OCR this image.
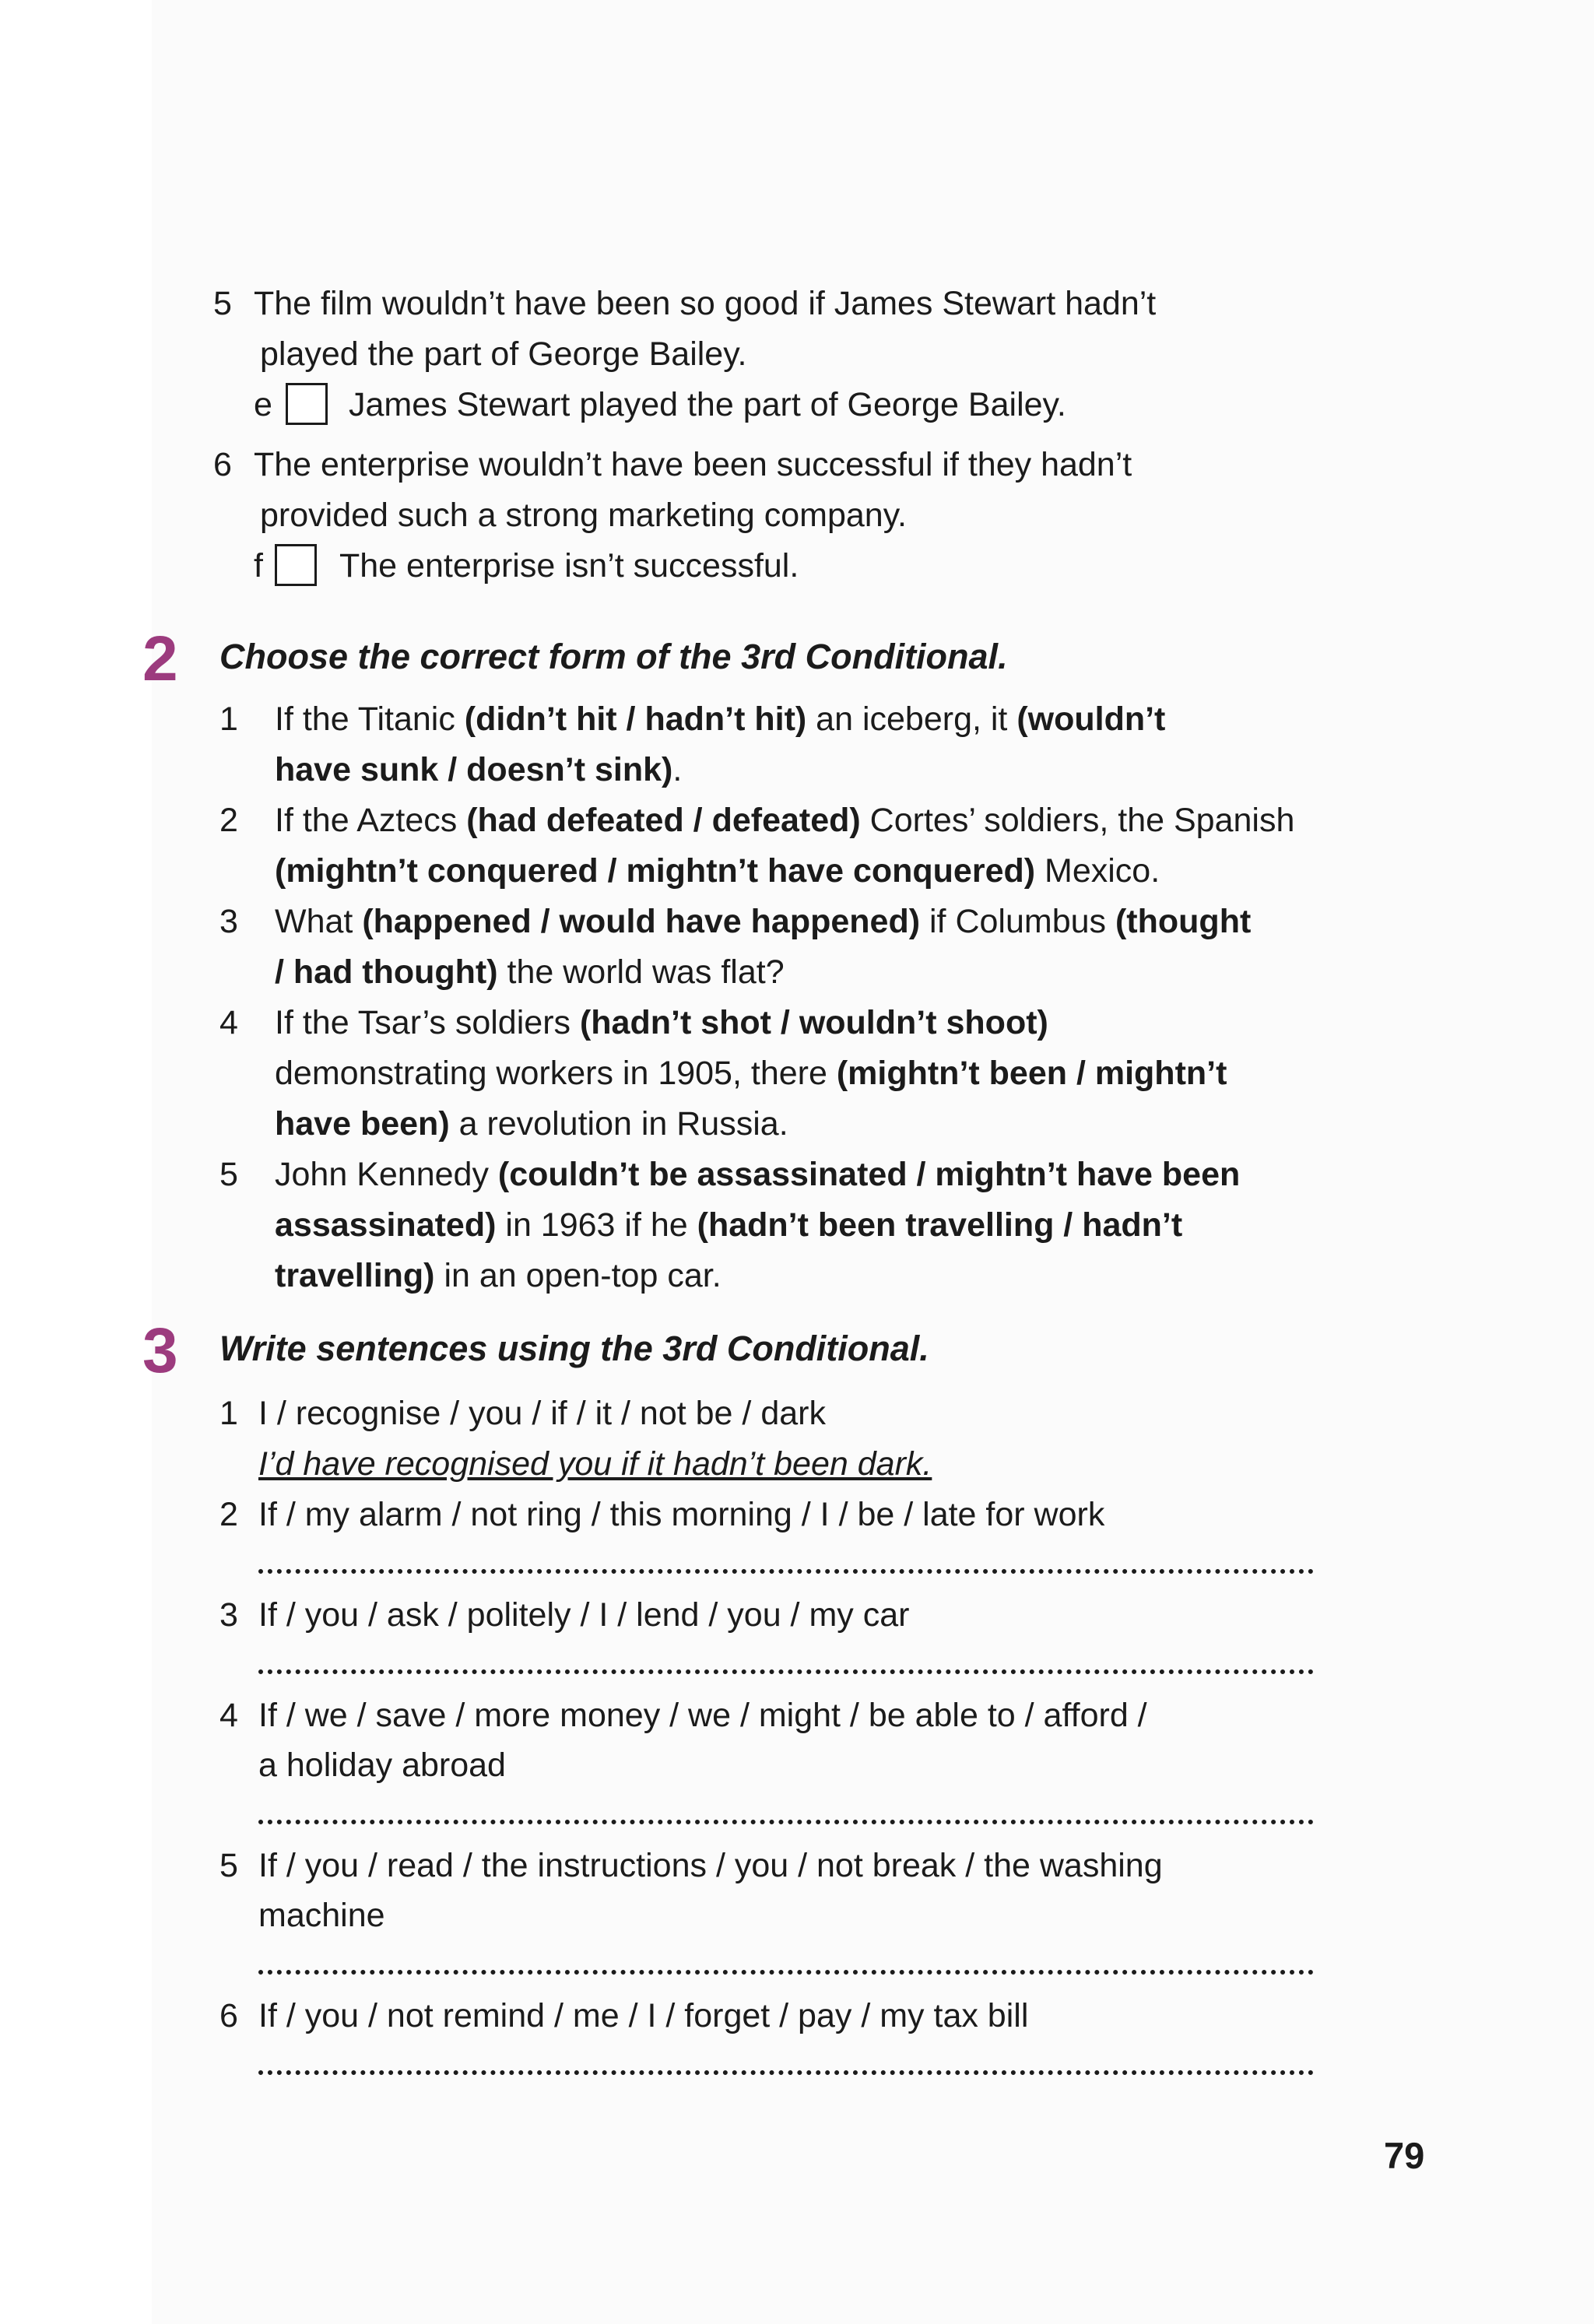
5 The film wouldn’t have been so good if James Stewart hadn’t
played the part of George Bailey.
e James Stewart played the part of George Bailey.
6 The enterprise wouldn’t have been successful if they hadn’t
provided such a strong marketing company.
f The enterprise isn’t successful.
2 Choose the correct form of the 3rd Conditional.
1 If the Titanic (didn’t hit / hadn’t hit) an iceberg, it (wouldn’t
have sunk / doesn’t sink).
2 If the Aztecs (had defeated / defeated) Cortes’ soldiers, the Spanish
(mightn’t conquered / mightn’t have conquered) Mexico.
3 What (happened / would have happened) if Columbus (thought
/ had thought) the world was flat?
4 If the Tsar’s soldiers (hadn’t shot / wouldn’t shoot)
demonstrating workers in 1905, there (mightn’t been / mightn’t
have been) a revolution in Russia.
5 John Kennedy (couldn’t be assassinated / mightn’t have been
assassinated) in 1963 if he (hadn’t been travelling / hadn’t
travelling) in an open-top car.
3 Write sentences using the 3rd Conditional.
1 I / recognise / you / if / it / not be / dark
I’d have recognised you if it hadn’t been dark.
2 If / my alarm / not ring / this morning / I / be / late for work
3 If / you / ask / politely / I / lend / you / my car
4 If / we / save / more money / we / might / be able to / afford /
a holiday abroad
5 If / you / read / the instructions / you / not break / the washing
machine
6 If / you / not remind / me / I / forget / pay / my tax bill
79
